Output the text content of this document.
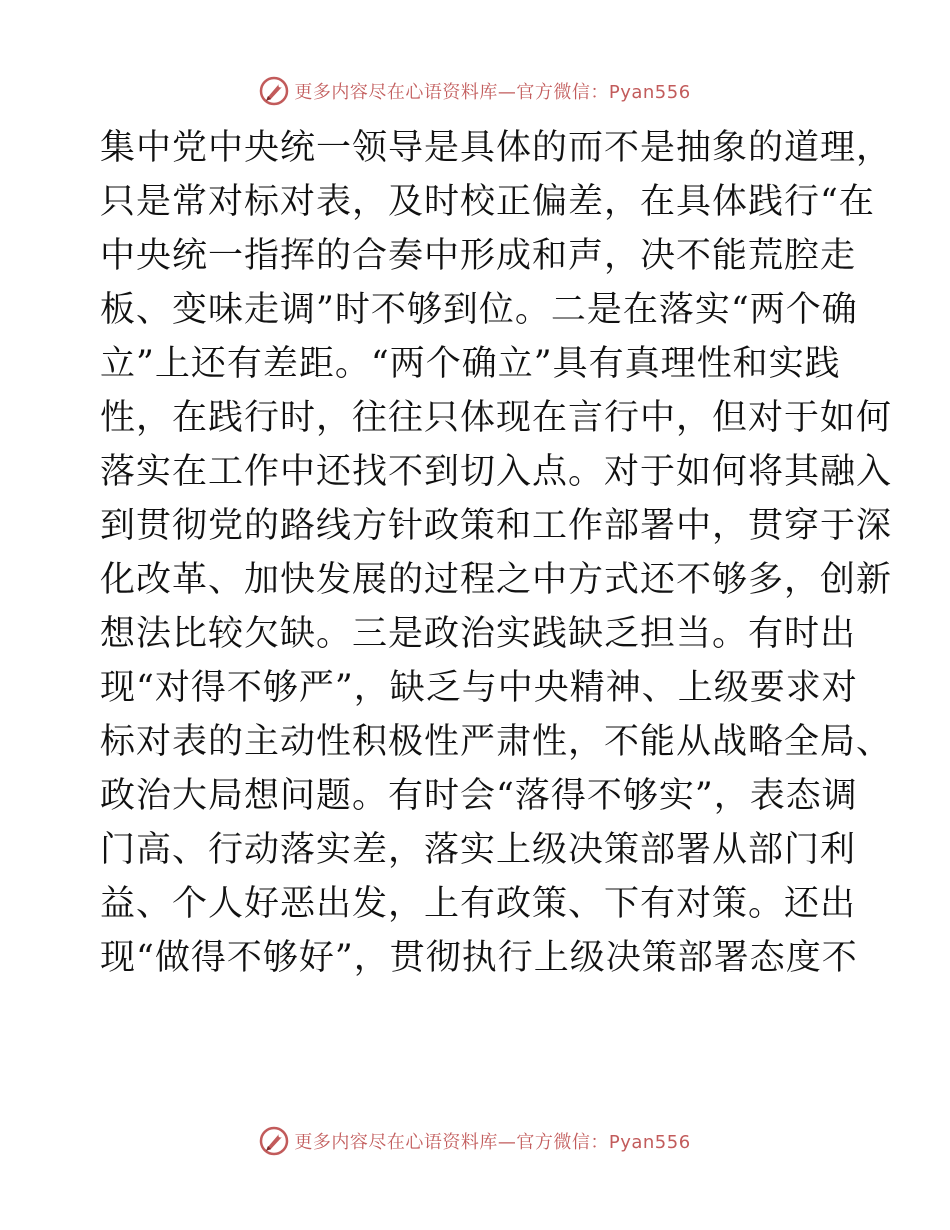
更多内容尽在心语资料库—官方微信：Pyan556
集中党中央统一领导是具体的而不是抽象的道理，
只是常对标对表，及时校正偏差，在具体践行“在
中央统一指挥的合奏中形成和声，决不能荒腔走
板、变味走调”时不够到位。二是在落实“两个确
立”上还有差距。“两个确立”具有真理性和实践
性，在践行时，往往只体现在言行中，但对于如何
落实在工作中还找不到切入点。对于如何将其融入
到贯彻党的路线方针政策和工作部署中，贯穿于深
化改革、加快发展的过程之中方式还不够多，创新
想法比较欠缺。三是政治实践缺乏担当。有时出
现“对得不够严”，缺乏与中央精神、上级要求对
标对表的主动性积极性严肃性，不能从战略全局、
政治大局想问题。有时会“落得不够实”，表态调
门高、行动落实差，落实上级决策部署从部门利
益、个人好恶出发，上有政策、下有对策。还出
现“做得不够好”，贯彻执行上级决策部署态度不
更多内容尽在心语资料库—官方微信：Pyan556
